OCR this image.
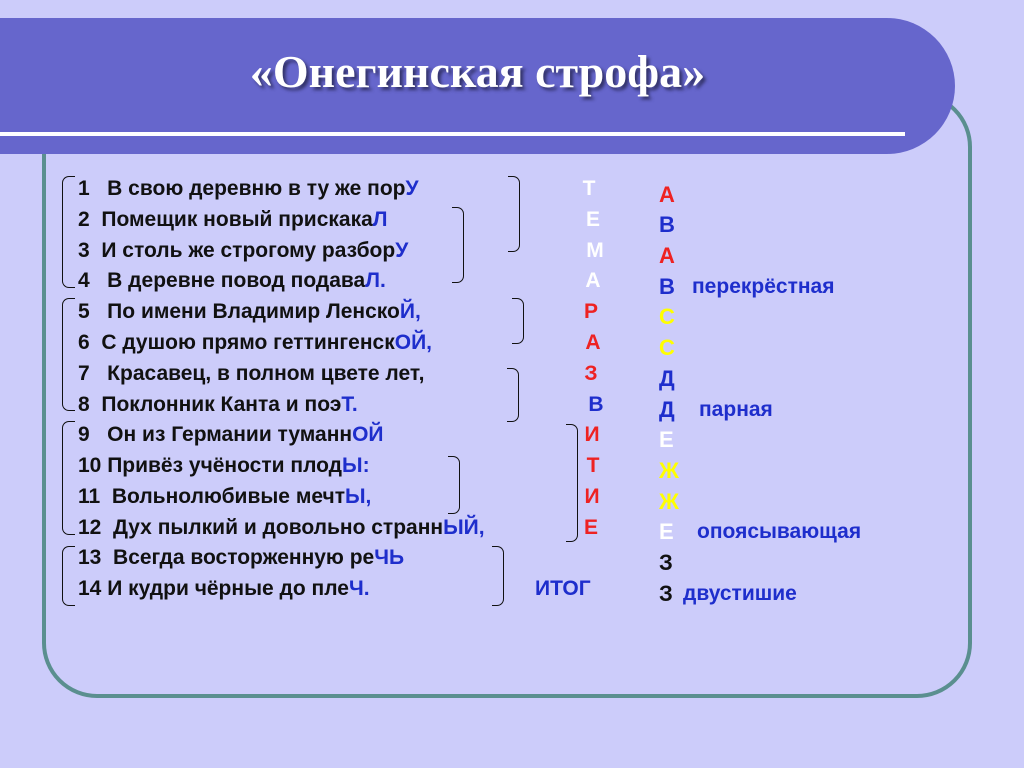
«Онегинская строфа»
1   В свою деревню в ту же порУ
2  Помещик новый прискакаЛ
3  И столь же строгому разборУ
4   В деревне повод подаваЛ.
5   По имени Владимир ЛенскоЙ,
6  С душою прямо геттингенскОЙ,
7   Красавец, в полном цвете лет,
8  Поклонник Канта и поэТ.
9   Он из Германии туманнОЙ
10 Привёз учёности плодЫ:
11  Вольнолюбивые мечтЫ,
12  Дух пылкий и довольно страннЫЙ,
13  Всегда восторженную реЧЬ
14 И кудри чёрные до плеЧ.
Т
Е
М
А
Р
А
З
В
И
Т
И
Е
ИТОГ
А
В
А
В
С
С
Д
Д
Е
Ж
Ж
Е
З
З
перекрёстная
парная
опоясывающая
двустишие
